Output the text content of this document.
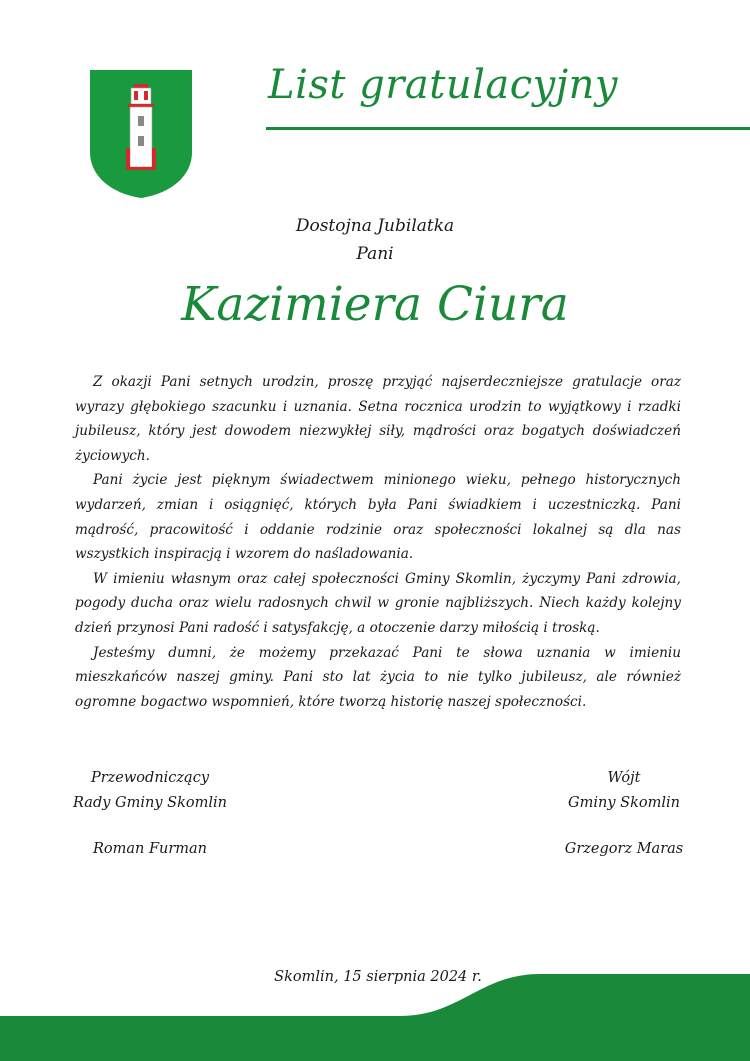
List gratulacyjny
Dostojna Jubilatka
Pani
Kazimiera Ciura

Z okazji Pani setnych urodzin, proszę przyjąć najserdeczniejsze gratulacje oraz wyrazy głębokiego szacunku i uznania. Setna rocznica urodzin to wyjątkowy i rzadki jubileusz, który jest dowodem niezwykłej siły, mądrości oraz bogatych doświadczeń życiowych.

Pani życie jest pięknym świadectwem minionego wieku, pełnego historycznych wydarzeń, zmian i osiągnięć, których była Pani świadkiem i uczestniczką. Pani mądrość, pracowitość i oddanie rodzinie oraz społeczności lokalnej są dla nas wszystkich inspiracją i wzorem do naśladowania.

W imieniu własnym oraz całej społeczności Gminy Skomlin, życzymy Pani zdrowia, pogody ducha oraz wielu radosnych chwil w gronie najbliższych. Niech każdy kolejny dzień przynosi Pani radość i satysfakcję, a otoczenie darzy miłością i troską.

Jesteśmy dumni, że możemy przekazać Pani te słowa uznania w imieniu mieszkańców naszej gminy. Pani sto lat życia to nie tylko jubileusz, ale również ogromne bogactwo wspomnień, które tworzą historię naszej społeczności.

Przewodniczący
Rady Gminy Skomlin
Roman Furman
Wójt
Gminy Skomlin
Grzegorz Maras
Skomlin, 15 sierpnia 2024 r.
